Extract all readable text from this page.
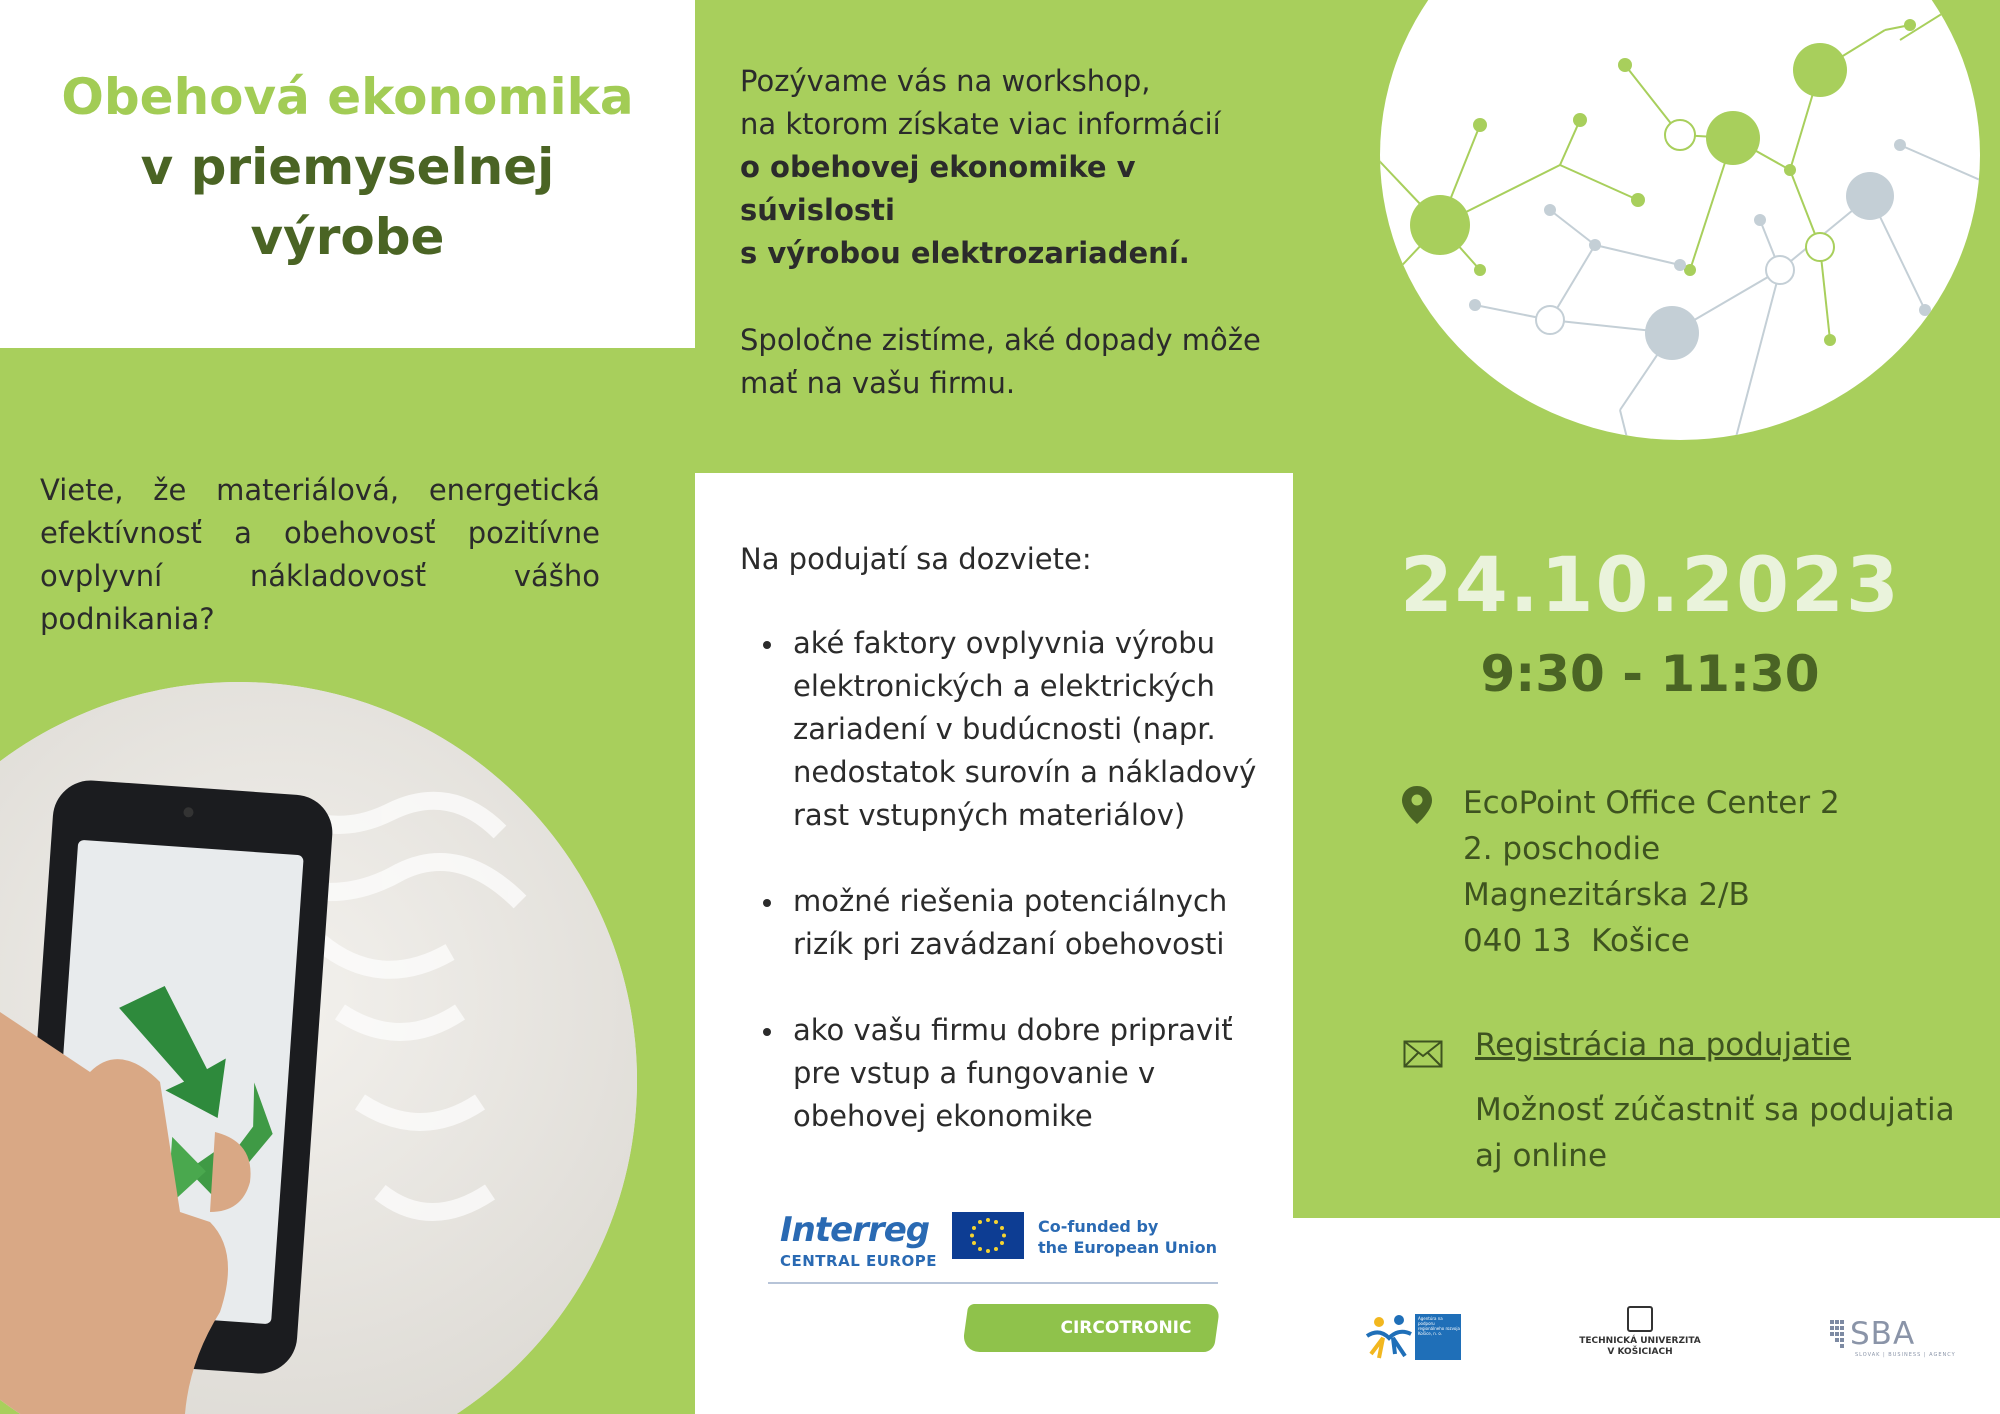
Obehová ekonomika
v priemyselnej
výrobe
Pozývame vás na workshop,
na ktorom získate viac informácií
o obehovej ekonomike v súvislosti
s výrobou elektrozariadení.
Spoločne zistíme, aké dopady môže
mať na vašu firmu.
Viete, že materiálová, energetická efektívnosť a obehovosť pozitívne ovplyvní nákladovosť vášho podnikania?
Na podujatí sa dozviete:
aké faktory ovplyvnia výrobu elektronických a elektrických zariadení v budúcnosti (napr. nedostatok surovín a nákladový rast vstupných materiálov)
možné riešenia potenciálnych rizík pri zavádzaní obehovosti
ako vašu firmu dobre pripraviť pre vstup a fungovanie v obehovej ekonomike
24.10.2023
9:30 - 11:30
EcoPoint Office Center 2
2. poschodie
Magnezitárska 2/B
040 13  Košice
Registrácia na podujatie
Možnosť zúčastniť sa podujatia aj online
Interreg
CENTRAL EUROPE
Co-funded by
the European Union
CIRCOTRONIC	Agentúra na podporu regionálneho rozvoja Košice, n. o.
TECHNICKÁ UNIVERZITA
V KOŠICIACH	SBA
SLOVAK | BUSINESS | AGENCY
